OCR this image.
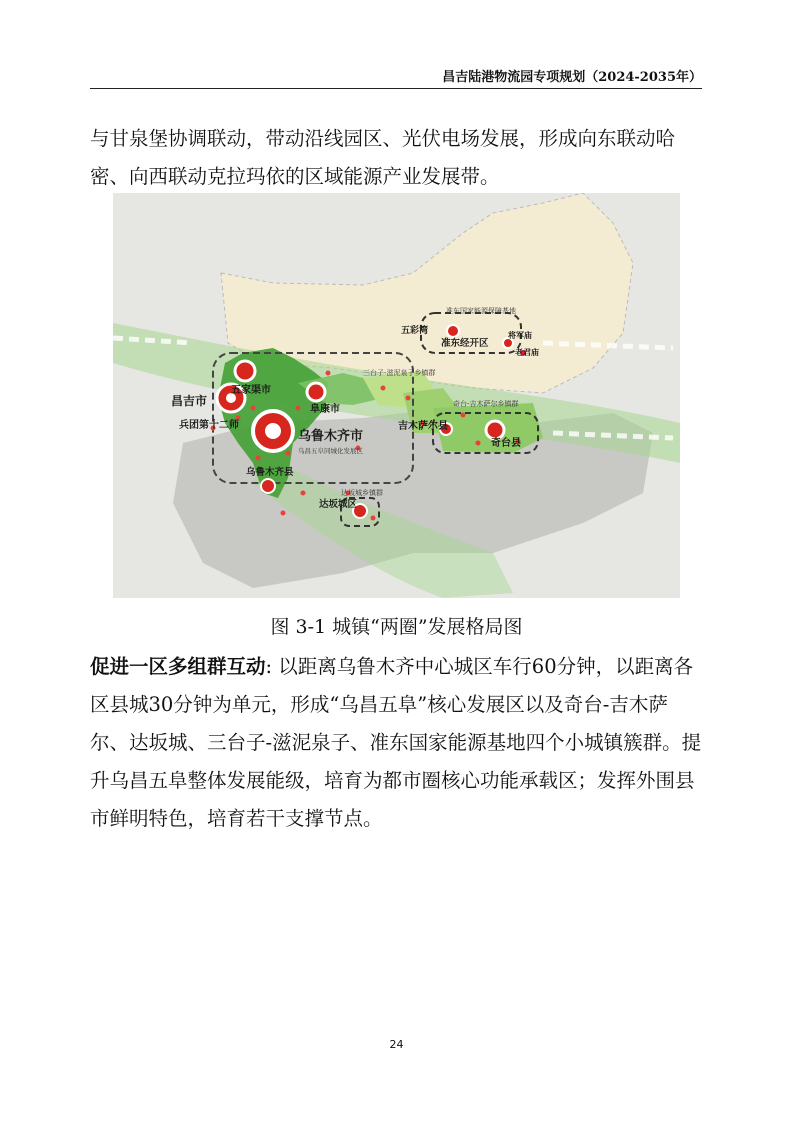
昌吉陆港物流园专项规划（2024-2035年）

与甘泉堡协调联动，带动沿线园区、光伏电场发展，形成向东联动哈密、向西联动克拉玛依的区域能源产业发展带。

昌吉市
兵团第十二师
五家渠市
阜康市
乌鲁木齐市
乌昌五阜同城化发展区
乌鲁木齐县
三台子-滋泥泉子乡镇群
吉木萨尔县
奇台-吉木萨尔乡镇群
奇台县
达坂城乡镇群
达坂城区
准东国家能源保障基地
五彩湾
准东经开区
将军庙
老君庙
图 3-1 城镇“两圈”发展格局图

促进一区多组群互动: 以距离乌鲁木齐中心城区车行60分钟，以距离各区县城30分钟为单元，形成“乌昌五阜”核心发展区以及奇台-吉木萨尔、达坂城、三台子-滋泥泉子、准东国家能源基地四个小城镇簇群。提升乌昌五阜整体发展能级，培育为都市圈核心功能承载区；发挥外围县市鲜明特色，培育若干支撑节点。

24
